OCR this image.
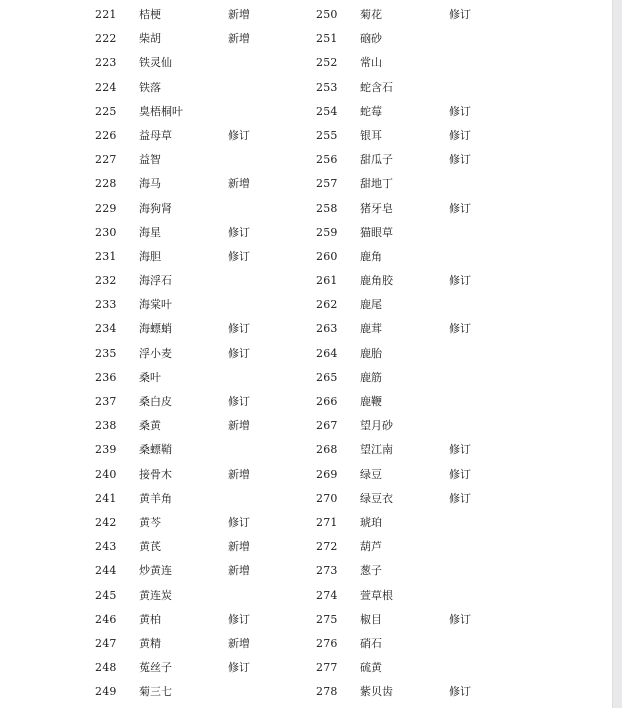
221	桔梗	新增
222	柴胡	新增
223	铁灵仙
224	铁落
225	臭梧桐叶
226	益母草	修订
227	益智
228	海马	新增
229	海狗肾
230	海星	修订
231	海胆	修订
232	海浮石
233	海棠叶
234	海螵蛸	修订
235	浮小麦	修订
236	桑叶
237	桑白皮	修订
238	桑黄	新增
239	桑螵鞘
240	接骨木	新增
241	黄羊角
242	黄芩	修订
243	黄芪	新增
244	炒黄连	新增
245	黄连炭
246	黄柏	修订
247	黄精	新增
248	菟丝子	修订
249	菊三七
250	菊花	修订
251	硇砂
252	常山
253	蛇含石
254	蛇莓	修订
255	银耳	修订
256	甜瓜子	修订
257	甜地丁
258	猪牙皂	修订
259	猫眼草
260	鹿角
261	鹿角胶	修订
262	鹿尾
263	鹿茸	修订
264	鹿胎
265	鹿筋
266	鹿鞭
267	望月砂
268	望江南	修订
269	绿豆	修订
270	绿豆衣	修订
271	琥珀
272	葫芦
273	葱子
274	萱草根
275	椒目	修订
276	硝石
277	硫黄
278	紫贝齿	修订
